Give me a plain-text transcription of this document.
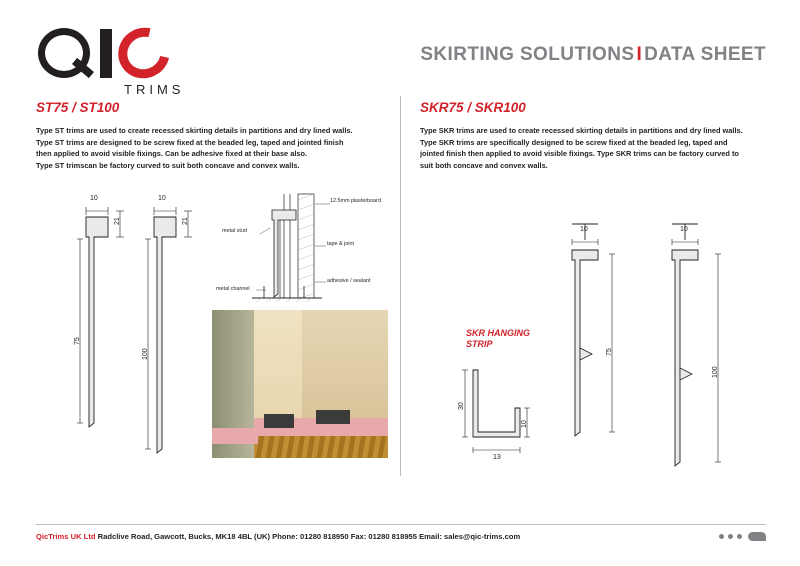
TRIMS
SKIRTING SOLUTIONS I DATA SHEET
ST75 / ST100
Type ST trims are used to create recessed skirting details in partitions and dry lined walls.
Type ST trims are designed to be screw fixed at the beaded leg, taped and jointed finish
then applied to avoid visible fixings. Can be adhesive fixed at their base also.
Type ST trimscan be factory curved to suit both concave and convex walls.
10
21
75
10
21
100
12.5mm plasterboard
metal stud
tape & joint
metal channel
adhesive / sealant
SKR75 / SKR100
Type SKR trims are used to create recessed skirting details in partitions and dry lined walls.
Type SKR trims are specifically designed to be screw fixed at the beaded leg, taped and
jointed finish then applied to avoid visible fixings. Type SKR trims can be factory curved to
suit both concave and convex walls.
SKR HANGING
STRIP
30
10
13
10
75
10
100
QicTrims UK Ltd Radclive Road, Gawcott, Bucks, MK18 4BL (UK) Phone: 01280 818950 Fax: 01280 818955 Email: sales@qic-trims.com
